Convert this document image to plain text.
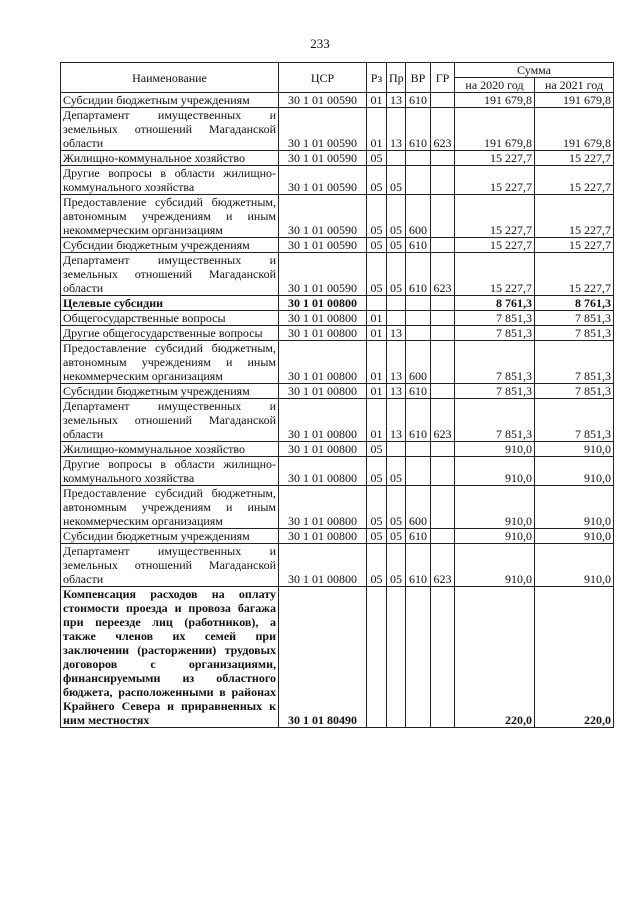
233
Наименование	ЦСР	Рз	Пр	ВР	ГР	Сумма	
						на 2020 год	на 2021 год
Субсидии бюджетным учреждениям	30 1 01 00590	01	13	610		191 679,8	191 679,8
Департамент имущественных и земельных отношений Магаданской области	30 1 01 00590	01	13	610	623	191 679,8	191 679,8
Жилищно-коммунальное хозяйство	30 1 01 00590	05				15 227,7	15 227,7
Другие вопросы в области жилищно-коммунального хозяйства	30 1 01 00590	05	05			15 227,7	15 227,7
Предоставление субсидий бюджетным, автономным учреждениям и иным некоммерческим организациям	30 1 01 00590	05	05	600		15 227,7	15 227,7
Субсидии бюджетным учреждениям	30 1 01 00590	05	05	610		15 227,7	15 227,7
Департамент имущественных и земельных отношений Магаданской области	30 1 01 00590	05	05	610	623	15 227,7	15 227,7
Целевые субсидии	30 1 01 00800					8 761,3	8 761,3
Общегосударственные вопросы	30 1 01 00800	01				7 851,3	7 851,3
Другие общегосударственные вопросы	30 1 01 00800	01	13			7 851,3	7 851,3
Предоставление субсидий бюджетным, автономным учреждениям и иным некоммерческим организациям	30 1 01 00800	01	13	600		7 851,3	7 851,3
Субсидии бюджетным учреждениям	30 1 01 00800	01	13	610		7 851,3	7 851,3
Департамент имущественных и земельных отношений Магаданской области	30 1 01 00800	01	13	610	623	7 851,3	7 851,3
Жилищно-коммунальное хозяйство	30 1 01 00800	05				910,0	910,0
Другие вопросы в области жилищно-коммунального хозяйства	30 1 01 00800	05	05			910,0	910,0
Предоставление субсидий бюджетным, автономным учреждениям и иным некоммерческим организациям	30 1 01 00800	05	05	600		910,0	910,0
Субсидии бюджетным учреждениям	30 1 01 00800	05	05	610		910,0	910,0
Департамент имущественных и земельных отношений Магаданской области	30 1 01 00800	05	05	610	623	910,0	910,0
Компенсация расходов на оплату стоимости проезда и провоза багажа при переезде лиц (работников), а также членов их семей при заключении (расторжении) трудовых договоров с организациями, финансируемыми из областного бюджета, расположенными в районах Крайнего Севера и приравненных к ним местностях	30 1 01 80490					220,0	220,0
